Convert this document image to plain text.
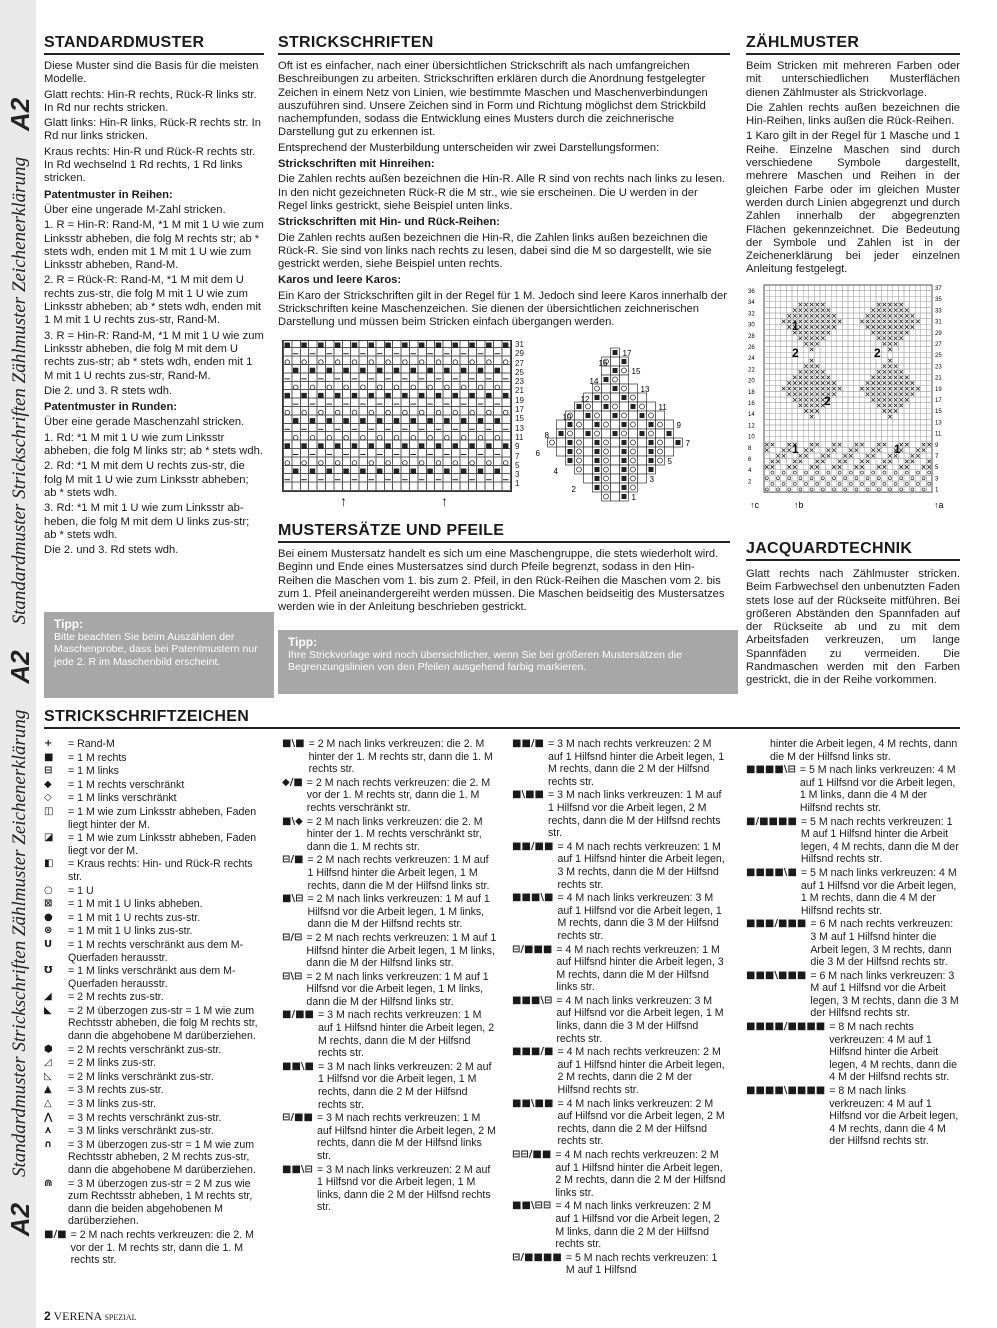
A2
Standardmuster Strickschriften Zählmuster Zeichenerklärung
A2
Standardmuster Strickschriften Zählmuster Zeichenerklärung
A2
STANDARDMUSTER

Diese Muster sind die Basis für die meisten Modelle.

Glatt rechts: Hin-R rechts, Rück-R links str. In Rd nur rechts stricken.

Glatt links: Hin-R links, Rück-R rechts str. In Rd nur links stricken.

Kraus rechts: Hin-R und Rück-R rechts str. In Rd wechselnd 1 Rd rechts, 1 Rd links stricken.

Patentmuster in Reihen:

Über eine ungerade M-Zahl stricken.

1. R = Hin-R: Rand-M, *1 M mit 1 U wie zum Linksstr abheben, die folg M rechts str; ab * stets wdh, enden mit 1 M mit 1 U wie zum Linksstr abheben, Rand-M.

2. R = Rück-R: Rand-M, *1 M mit dem U rechts zus-str, die folg M mit 1 U wie zum Linksstr abheben; ab * stets wdh, enden mit 1 M mit 1 U rechts zus-str, Rand-M.

3. R = Hin-R: Rand-M, *1 M mit 1 U wie zum Linksstr abheben, die folg M mit dem U rechts zus-str; ab * stets wdh, enden mit 1 M mit 1 U rechts zus-str, Rand-M.

Die 2. und 3. R stets wdh.

Patentmuster in Runden:

Über eine gerade Maschenzahl stricken.

1. Rd: *1 M mit 1 U wie zum Linksstr abheben, die folg M links str; ab * stets wdh.

2. Rd: *1 M mit dem U rechts zus-str, die folg M mit 1 U wie zum Linksstr abheben; ab * stets wdh.

3. Rd: *1 M mit 1 U wie zum Linksstr ab-heben, die folg M mit dem U links zus-str; ab * stets wdh.

Die 2. und 3. Rd stets wdh.

Tipp:
Bitte beachten Sie beim Auszählen der Maschenprobe, dass bei Patentmustern nur jede 2. R im Maschenbild erscheint.
STRICKSCHRIFTEN

Oft ist es einfacher, nach einer übersichtlichen Strickschrift als nach umfangreichen Beschreibungen zu arbeiten. Strickschriften erklären durch die Anordnung festgelegter Zeichen in einem Netz von Linien, wie bestimmte Maschen und Maschenverbindungen auszuführen sind. Unsere Zeichen sind in Form und Richtung möglichst dem Strickbild nachempfunden, sodass die Entwicklung eines Musters durch die zeichnerische Darstellung gut zu erkennen ist.

Entsprechend der Musterbildung unterscheiden wir zwei Darstellungsformen:

Strickschriften mit Hinreihen:

Die Zahlen rechts außen bezeichnen die Hin-R. Alle R sind von rechts nach links zu lesen. In den nicht gezeichneten Rück-R die M str., wie sie erscheinen. Die U werden in der Regel links gestrickt, siehe Beispiel unten links.

Strickschriften mit Hin- und Rück-Reihen:

Die Zahlen rechts außen bezeichnen die Hin-R, die Zahlen links außen bezeichnen die Rück-R. Sie sind von links nach rechts zu lesen, dabei sind die M so dargestellt, wie sie gestrickt werden, siehe Beispiel unten rechts.

Karos und leere Karos:

Ein Karo der Strickschriften gilt in der Regel für 1 M. Jedoch sind leere Karos innerhalb der Strickschriften keine Maschenzeichen. Sie dienen der übersichtlichen zeichnerischen Darstellung und müssen beim Stricken einfach übergangen werden.

31
29
27
25
23
21
19
17
15
13
11
9
7
5
3
1
↑	↑
16
14
12
10
8
6
4
2
17
15
13
11
9
7
5
3
1
MUSTERSÄTZE UND PFEILE

Bei einem Mustersatz handelt es sich um eine Maschengruppe, die stets wiederholt wird. Beginn und Ende eines Mustersatzes sind durch Pfeile begrenzt, sodass in den Hin-Reihen die Maschen vom 1. bis zum 2. Pfeil, in den Rück-Reihen die Maschen vom 2. bis zum 1. Pfeil aneinandergereiht werden müssen. Die Maschen beidseitig des Mustersatzes werden wie in der Anleitung beschrieben gestrickt.

Tipp:
Ihre Strickvorlage wird noch übersichtlicher, wenn Sie bei größeren Mustersätzen die Begrenzungslinien von den Pfeilen ausgehend farbig markieren.
ZÄHLMUSTER

Beim Stricken mit mehreren Farben oder mit unterschiedlichen Musterflächen dienen Zählmuster als Strickvorlage.

Die Zahlen rechts außen bezeichnen die Hin-Reihen, links außen die Rück-Reihen.

1 Karo gilt in der Regel für 1 Masche und 1 Reihe. Einzelne Maschen sind durch verschiedene Symbole dargestellt, mehrere Maschen und Reihen in der gleichen Farbe oder im gleichen Muster werden durch Linien abgegrenzt und durch Zahlen innerhalb der abgegrenzten Flächen gekennzeichnet. Die Bedeutung der Symbole und Zahlen ist in der Zeichenerklärung bei jeder einzelnen Anleitung festgelegt.

36
34
32
30
28
26
24
22
20
18
16
14
12
10
8
6
4
2
37
35
33
31
29
27
25
23
21
19
17
15
13
11
9
7
5
3
1
1
2	2
2
1	1
↑c	↑b	↑a
JACQUARDTECHNIK

Glatt rechts nach Zählmuster stricken. Beim Farbwechsel den unbenutzten Faden stets lose auf der Rückseite mitführen. Bei größeren Abständen den Spannfaden auf der Rückseite ab und zu mit dem Arbeitsfaden verkreuzen, um lange Spannfäden zu vermeiden. Die Randmaschen werden mit den Farben gestrickt, die in der Reihe vorkommen.

STRICKSCHRIFTZEICHEN
+	= Rand-M
■	= 1 M rechts
⊟	= 1 M links
◆	= 1 M rechts verschränkt
◇	= 1 M links verschränkt
◫	= 1 M wie zum Linksstr abheben, Faden liegt hinter der M.
◪	= 1 M wie zum Linksstr abheben, Faden liegt vor der M.
◧	= Kraus rechts: Hin- und Rück-R rechts str.
○	= 1 U
⊠	= 1 M mit 1 U links abheben.
●	= 1 M mit 1 U rechts zus-str.
⊗	= 1 M mit 1 U links zus-str.
U	= 1 M rechts verschränkt aus dem M-Querfaden herausstr.
Ʊ	= 1 M links verschränkt aus dem M-Querfaden herausstr.
◢	= 2 M rechts zus-str.
◣	= 2 M überzogen zus-str = 1 M wie zum Rechtsstr abheben, die folg M rechts str, dann die abgehobene M darüberziehen.
⬢	= 2 M rechts verschränkt zus-str.
◿	= 2 M links zus-str.
◺	= 2 M links verschränkt zus-str.
▲	= 3 M rechts zus-str.
△	= 3 M links zus-str.
⋀	= 3 M rechts verschränkt zus-str.
⋏	= 3 M links verschränkt zus-str.
∩	= 3 M überzogen zus-str = 1 M wie zum Rechtsstr abheben, 2 M rechts zus-str, dann die abgehobene M darüberziehen.
⋒	= 3 M überzogen zus-str = 2 M zus wie zum Rechtsstr abheben, 1 M rechts str, dann die beiden abgehobenen M darüberziehen.
■/■ = 2 M nach rechts verkreuzen: die 2. M vor der 1. M rechts str, dann die 1. M rechts str.
■\■ = 2 M nach links verkreuzen: die 2. M hinter der 1. M rechts str, dann die 1. M rechts str.
◆/■ = 2 M nach rechts verkreuzen: die 2. M vor der 1. M rechts str, dann die 1. M rechts verschränkt str.
■\◆ = 2 M nach links verkreuzen: die 2. M hinter der 1. M rechts verschränkt str, dann die 1. M rechts str.
⊟/■ = 2 M nach rechts verkreuzen: 1 M auf 1 Hilfsnd hinter die Arbeit legen, 1 M rechts, dann die M der Hilfsnd links str.
■\⊟ = 2 M nach links verkreuzen: 1 M auf 1 Hilfsnd vor die Arbeit legen, 1 M links, dann die M der Hilfsnd rechts str.
⊟/⊟ = 2 M nach rechts verkreuzen: 1 M auf 1 Hilfsnd hinter die Arbeit legen, 1 M links, dann die M der Hilfsnd links str.
⊟\⊟ = 2 M nach links verkreuzen: 1 M auf 1 Hilfsnd vor die Arbeit legen, 1 M links, dann die M der Hilfsnd links str.
■/■■ = 3 M nach rechts verkreuzen: 1 M auf 1 Hilfsnd hinter die Arbeit legen, 2 M rechts, dann die M der Hilfsnd rechts str.
■■\■ = 3 M nach links verkreuzen: 2 M auf 1 Hilfsnd vor die Arbeit legen, 1 M rechts, dann die 2 M der Hilfsnd rechts str.
⊟/■■ = 3 M nach rechts verkreuzen: 1 M auf Hilfsnd hinter die Arbeit legen, 2 M rechts, dann die M der Hilfsnd links str.
■■\⊟ = 3 M nach links verkreuzen: 2 M auf 1 Hilfsnd vor die Arbeit legen, 1 M links, dann die 2 M der Hilfsnd rechts str.
■■/■ = 3 M nach rechts verkreuzen: 2 M auf 1 Hilfsnd hinter die Arbeit legen, 1 M rechts, dann die 2 M der Hilfsnd rechts str.
■\■■ = 3 M nach links verkreuzen: 1 M auf 1 Hilfsnd vor die Arbeit legen, 2 M rechts, dann die M der Hilfsnd rechts str.
■■/■■ = 4 M nach rechts verkreuzen: 1 M auf 1 Hilfsnd hinter die Arbeit legen, 3 M rechts, dann die M der Hilfsnd rechts str.
■■■\■ = 4 M nach links verkreuzen: 3 M auf 1 Hilfsnd vor die Arbeit legen, 1 M rechts, dann die 3 M der Hilfsnd rechts str.
⊟/■■■ = 4 M nach rechts verkreuzen: 1 M auf Hilfsnd hinter die Arbeit legen, 3 M rechts, dann die M der Hilfsnd links str.
■■■\⊟ = 4 M nach links verkreuzen: 3 M auf Hilfsnd vor die Arbeit legen, 1 M links, dann die 3 M der Hilfsnd rechts str.
■■■/■ = 4 M nach rechts verkreuzen: 2 M auf 1 Hilfsnd hinter die Arbeit legen, 2 M rechts, dann die 2 M der Hilfsnd rechts str.
■■\■■ = 4 M nach links verkreuzen: 2 M auf Hilfsnd vor die Arbeit legen, 2 M rechts, dann die 2 M der Hilfsnd rechts str.
⊟⊟/■■ = 4 M nach rechts verkreuzen: 2 M auf 1 Hilfsnd hinter die Arbeit legen, 2 M rechts, dann die 2 M der Hilfsnd links str.
■■\⊟⊟ = 4 M nach links verkreuzen: 2 M auf 1 Hilfsnd vor die Arbeit legen, 2 M links, dann die 2 M der Hilfsnd rechts str.
⊟/■■■■ = 5 M nach rechts verkreuzen: 1 M auf 1 Hilfsnd
hinter die Arbeit legen, 4 M rechts, dann die M der Hilfsnd links str.
■■■■\⊟ = 5 M nach links verkreuzen: 4 M auf 1 Hilfsnd vor die Arbeit legen, 1 M links, dann die 4 M der Hilfsnd rechts str.
■/■■■■ = 5 M nach rechts verkreuzen: 1 M auf 1 Hilfsnd hinter die Arbeit legen, 4 M rechts, dann die M der Hilfsnd rechts str.
■■■■\■ = 5 M nach links verkreuzen: 4 M auf 1 Hilfsnd vor die Arbeit legen, 1 M rechts, dann die 4 M der Hilfsnd rechts str.
■■■/■■■ = 6 M nach rechts verkreuzen: 3 M auf 1 Hilfsnd hinter die Arbeit legen, 3 M rechts, dann die 3 M der Hilfsnd rechts str.
■■■\■■■ = 6 M nach links verkreuzen: 3 M auf 1 Hilfsnd vor die Arbeit legen, 3 M rechts, dann die 3 M der Hilfsnd rechts str.
■■■■/■■■■ = 8 M nach rechts verkreuzen: 4 M auf 1 Hilfsnd hinter die Arbeit legen, 4 M rechts, dann die 4 M der Hilfsnd rechts str.
■■■■\■■■■ = 8 M nach links verkreuzen: 4 M auf 1 Hilfsnd vor die Arbeit legen, 4 M rechts, dann die 4 M der Hilfsnd rechts str.
2 VERENA SPEZIAL
